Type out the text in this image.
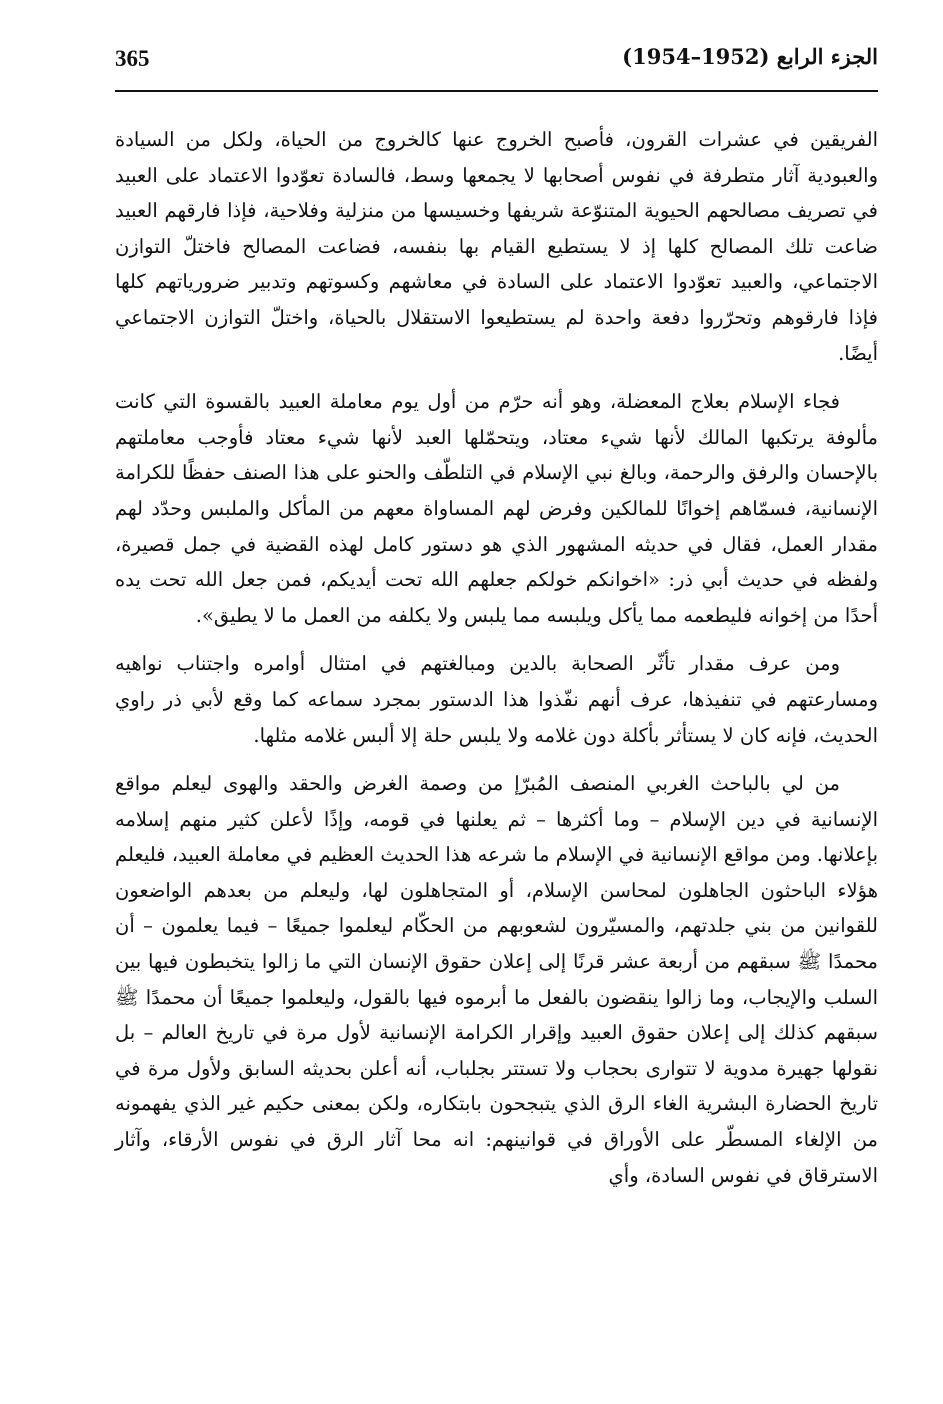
365	الجزء الرابع (1952–1954)

الفريقين في عشرات القرون، فأصبح الخروج عنها كالخروج من الحياة، ولكل من السيادة والعبودية آثار متطرفة في نفوس أصحابها لا يجمعها وسط، فالسادة تعوّدوا الاعتماد على العبيد في تصريف مصالحهم الحيوية المتنوّعة شريفها وخسيسها من منزلية وفلاحية، فإذا فارقهم العبيد ضاعت تلك المصالح كلها إذ لا يستطيع القيام بها بنفسه، فضاعت المصالح فاختلّ التوازن الاجتماعي، والعبيد تعوّدوا الاعتماد على السادة في معاشهم وكسوتهم وتدبير ضرورياتهم كلها فإذا فارقوهم وتحرّروا دفعة واحدة لم يستطيعوا الاستقلال بالحياة، واختلّ التوازن الاجتماعي أيضًا.

فجاء الإسلام بعلاج المعضلة، وهو أنه حرّم من أول يوم معاملة العبيد بالقسوة التي كانت مألوفة يرتكبها المالك لأنها شيء معتاد، ويتحمّلها العبد لأنها شيء معتاد فأوجب معاملتهم بالإحسان والرفق والرحمة، وبالغ نبي الإسلام في التلطّف والحنو على هذا الصنف حفظًا للكرامة الإنسانية، فسمّاهم إخوانًا للمالكين وفرض لهم المساواة معهم من المأكل والملبس وحدّد لهم مقدار العمل، فقال في حديثه المشهور الذي هو دستور كامل لهذه القضية في جمل قصيرة، ولفظه في حديث أبي ذر: «اخوانكم خولكم جعلهم الله تحت أيديكم، فمن جعل الله تحت يده أحدًا من إخوانه فليطعمه مما يأكل ويلبسه مما يلبس ولا يكلفه من العمل ما لا يطيق».

ومن عرف مقدار تأثّر الصحابة بالدين ومبالغتهم في امتثال أوامره واجتناب نواهيه ومسارعتهم في تنفيذها، عرف أنهم نفّذوا هذا الدستور بمجرد سماعه كما وقع لأبي ذر راوي الحديث، فإنه كان لا يستأثر بأكلة دون غلامه ولا يلبس حلة إلا ألبس غلامه مثلها.

من لي بالباحث الغربي المنصف المُبرّإ من وصمة الغرض والحقد والهوى ليعلم مواقع الإنسانية في دين الإسلام – وما أكثرها – ثم يعلنها في قومه، وإذًا لأعلن كثير منهم إسلامه بإعلانها. ومن مواقع الإنسانية في الإسلام ما شرعه هذا الحديث العظيم في معاملة العبيد، فليعلم هؤلاء الباحثون الجاهلون لمحاسن الإسلام، أو المتجاهلون لها، وليعلم من بعدهم الواضعون للقوانين من بني جلدتهم، والمسيّرون لشعوبهم من الحكّام ليعلموا جميعًا – فيما يعلمون – أن محمدًا ﷺ سبقهم من أربعة عشر قرنًا إلى إعلان حقوق الإنسان التي ما زالوا يتخبطون فيها بين السلب والإيجاب، وما زالوا ينقضون بالفعل ما أبرموه فيها بالقول، وليعلموا جميعًا أن محمدًا ﷺ سبقهم كذلك إلى إعلان حقوق العبيد وإقرار الكرامة الإنسانية لأول مرة في تاريخ العالم – بل نقولها جهيرة مدوية لا تتوارى بحجاب ولا تستتر بجلباب، أنه أعلن بحديثه السابق ولأول مرة في تاريخ الحضارة البشرية الغاء الرق الذي يتبجحون بابتكاره، ولكن بمعنى حكيم غير الذي يفهمونه من الإلغاء المسطّر على الأوراق في قوانينهم: انه محا آثار الرق في نفوس الأرقاء، وآثار الاسترقاق في نفوس السادة، وأي
